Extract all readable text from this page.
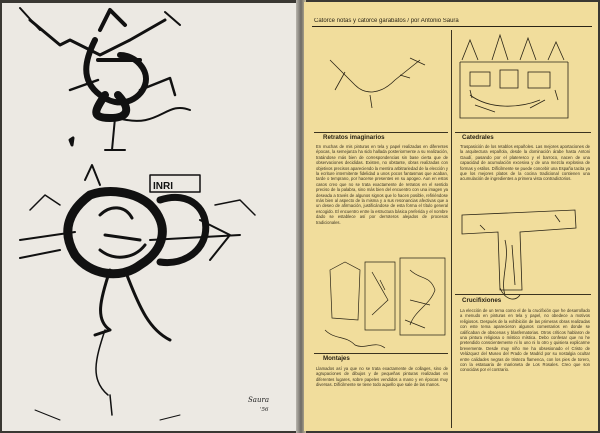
INRI
Saura
'56
Catorce notas y catorce garabatos / por Antonio Saura
Retratos imaginarios
En muchas de mis pinturas en tela y papel realizadas en diferentes épocas, la semejanza ha sido hallada posteriormente a su realización, tratándose más bien de correspondencias sin base cierta que de observaciones decididas. Existen, no obstante, obras realizadas con objetivos precisos apareciendo la mentira arbitrariedad de la elección y la ecriture intermitente fidelidad a unos pocos fantasmas que acaban, tarde o temprano, por hacerse presentes en su apogeo. Aun en estos casos creo que no se trata exactamente de retratos en el sentido preciso de la palabra, sino más bien del encuentro con una imagen ya deseada a través de algunos signos que lo hacen posible, refiriéndose más bien al aspecto de la misma y a sus resonancias afectivas que a un deseo de afirmación, justificándose de esta forma el título general escogido. El encuentro entre la estructura básica preferida y el nombre dado se establece así por derroteros alejados de procesos tradicionales.
Catedrales
Traspasición de los retablos españoles. Las mejores aportaciones de la arquitectura española, desde la dominación árabe hasta Antoni Gaudí, pasando por el plateresco y el barroco, nacen de una capacidad de acumulación excesiva y de una mezcla explosiva de formas y estilos. Difícilmente se puede concebir una España tacita ya que los mejores platos de la cocina tradicional contienen una acumulación de ingredientes a primera vista contradictorios.
Montajes
Llamados así ya que no se trata exactamente de collages, sino de agrupaciones de dibujos y de pequeñas pinturas realizadas en diferentes lugares, sobre papeles vendidos a mano y en épocas muy diversas. Difícilmente se tiene todo aquello que sale de las manos.
Crucifixiones
La elección de un tema como el de la crucifixión que he desarrollado a menudo en pinturas en tela y papel, no obedece a motivos religiosos. Después de la exhibición de las primeras obras realizadas con este tema aparecieron algunos comentarios en donde se calificaban de obscenas y blasfematorias. Otros críticos hablaron de una pintura religiosa o místico mística. Debo confesar que no he pretendido conscientemente ni lo uno ni lo otro y quisiera explicarme brevemente. Desde muy niño me ha obsesionado el Cristo de Velázquez del Museo del Prado de Madrid por su nostalgia ocultar entre calidades negras de tristeza flamenca, con los pies de torero, con la estatuaria de marioneta de Los Rosales. Creo que son conocidas por el contrario.
